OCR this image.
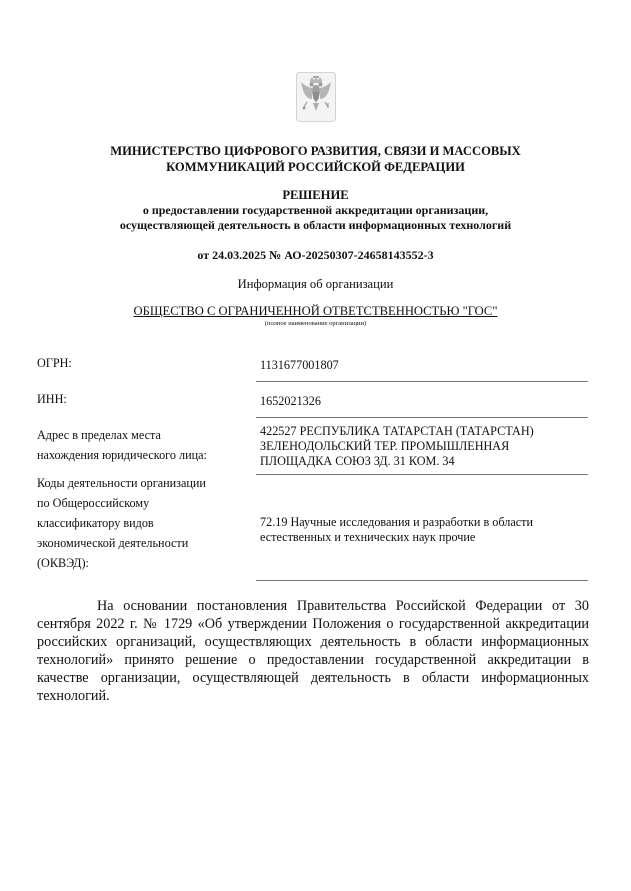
МИНИСТЕРСТВО ЦИФРОВОГО РАЗВИТИЯ, СВЯЗИ И МАССОВЫХ
КОММУНИКАЦИЙ РОССИЙСКОЙ ФЕДЕРАЦИИ
РЕШЕНИЕ
о предоставлении государственной аккредитации организации,
осуществляющей деятельность в области информационных технологий
от 24.03.2025 № АО-20250307-24658143552-3
Информация об организации
ОБЩЕСТВО С ОГРАНИЧЕННОЙ ОТВЕТСТВЕННОСТЬЮ "ГОС"
(полное наименование организации)
ОГРН:	1131677001807
ИНН:	1652021326
Адрес в пределах места
нахождения юридического лица:
422527 РЕСПУБЛИКА ТАТАРСТАН (ТАТАРСТАН)
ЗЕЛЕНОДОЛЬСКИЙ ТЕР. ПРОМЫШЛЕННАЯ
ПЛОЩАДКА СОЮЗ ЗД. 31 КОМ. 34
Коды деятельности организации
по Общероссийскому
классификатору видов
экономической деятельности
(ОКВЭД):
72.19 Научные исследования и разработки в области
естественных и технических наук прочие
На основании постановления Правительства Российской Федерации от 30 сентября 2022 г. № 1729 «Об утверждении Положения о государственной аккредитации российских организаций, осуществляющих деятельность в области информационных технологий» принято решение о предоставлении государственной аккредитации в качестве организации, осуществляющей деятельность в области информационных технологий.
